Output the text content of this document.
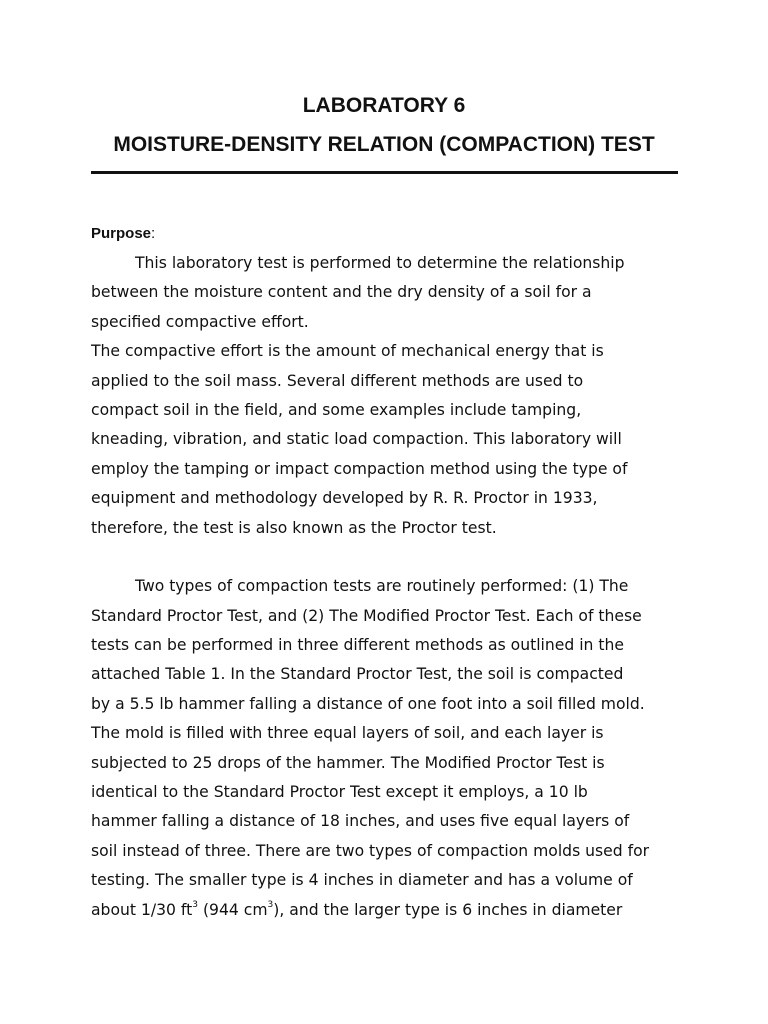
LABORATORY 6
MOISTURE-DENSITY RELATION (COMPACTION) TEST
Purpose:
This laboratory test is performed to determine the relationship
between the moisture content and the dry density of a soil for a
specified compactive effort.
The compactive effort is the amount of mechanical energy that is
applied to the soil mass. Several different methods are used to
compact soil in the field, and some examples include tamping,
kneading, vibration, and static load compaction. This laboratory will
employ the tamping or impact compaction method using the type of
equipment and methodology developed by R. R. Proctor in 1933,
therefore, the test is also known as the Proctor test.
Two types of compaction tests are routinely performed: (1) The
Standard Proctor Test, and (2) The Modified Proctor Test. Each of these
tests can be performed in three different methods as outlined in the
attached Table 1. In the Standard Proctor Test, the soil is compacted
by a 5.5 lb hammer falling a distance of one foot into a soil filled mold.
The mold is filled with three equal layers of soil, and each layer is
subjected to 25 drops of the hammer. The Modified Proctor Test is
identical to the Standard Proctor Test except it employs, a 10 lb
hammer falling a distance of 18 inches, and uses five equal layers of
soil instead of three. There are two types of compaction molds used for
testing. The smaller type is 4 inches in diameter and has a volume of
about 1/30 $ft^3$ (944 $cm^3$), and the larger type is 6 inches in diameter
